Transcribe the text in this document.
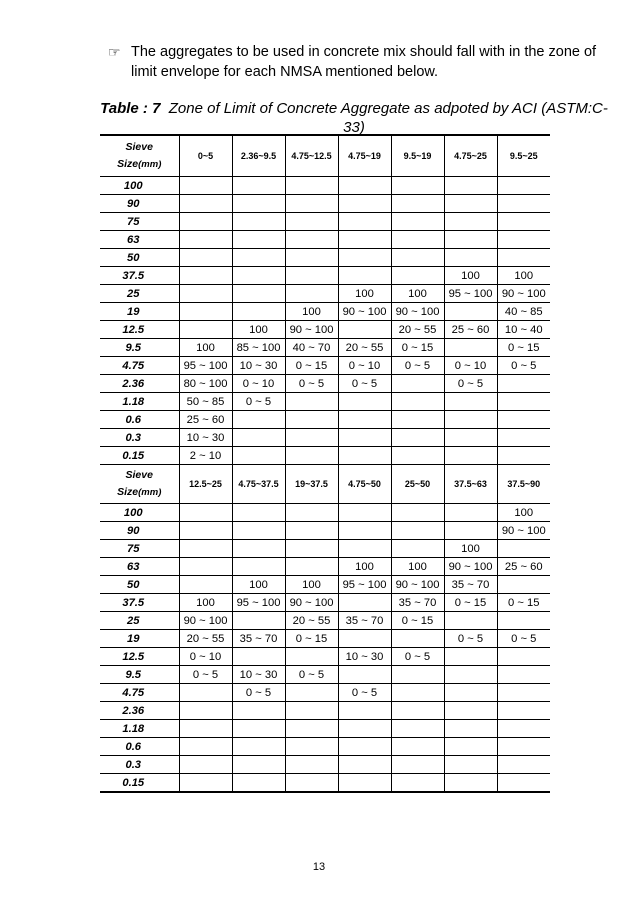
☞ The aggregates to be used in concrete mix should fall with in the zone of limit envelope for each NMSA mentioned below.
Table : 7 Zone of Limit of Concrete Aggregate as adpoted by ACI (ASTM:C-33)
Sieve
Size(mm)	0~5	2.36~9.5	4.75~12.5	4.75~19	9.5~19	4.75~25	9.5~25
100							
90							
75							
63							
50							
37.5						100	100
25				100	100	95 ~ 100	90 ~ 100
19			100	90 ~ 100	90 ~ 100		40 ~ 85
12.5		100	90 ~ 100		20 ~ 55	25 ~ 60	10 ~ 40
9.5	100	85 ~ 100	40 ~ 70	20 ~ 55	0 ~ 15		0 ~ 15
4.75	95 ~ 100	10 ~ 30	0 ~ 15	0 ~ 10	0 ~ 5	0 ~ 10	0 ~ 5
2.36	80 ~ 100	0 ~ 10	0 ~ 5	0 ~ 5		0 ~ 5	
1.18	50 ~ 85	0 ~ 5					
0.6	25 ~ 60						
0.3	10 ~ 30						
0.15	2 ~ 10						
Sieve
Size(mm)	12.5~25	4.75~37.5	19~37.5	4.75~50	25~50	37.5~63	37.5~90
100							100
90							90 ~ 100
75						100	
63				100	100	90 ~ 100	25 ~ 60
50		100	100	95 ~ 100	90 ~ 100	35 ~ 70	
37.5	100	95 ~ 100	90 ~ 100		35 ~ 70	0 ~ 15	0 ~ 15
25	90 ~ 100		20 ~ 55	35 ~ 70	0 ~ 15		
19	20 ~ 55	35 ~ 70	0 ~ 15			0 ~ 5	0 ~ 5
12.5	0 ~ 10			10 ~ 30	0 ~ 5		
9.5	0 ~ 5	10 ~ 30	0 ~ 5				
4.75		0 ~ 5		0 ~ 5			
2.36							
1.18							
0.6							
0.3							
0.15							
13
